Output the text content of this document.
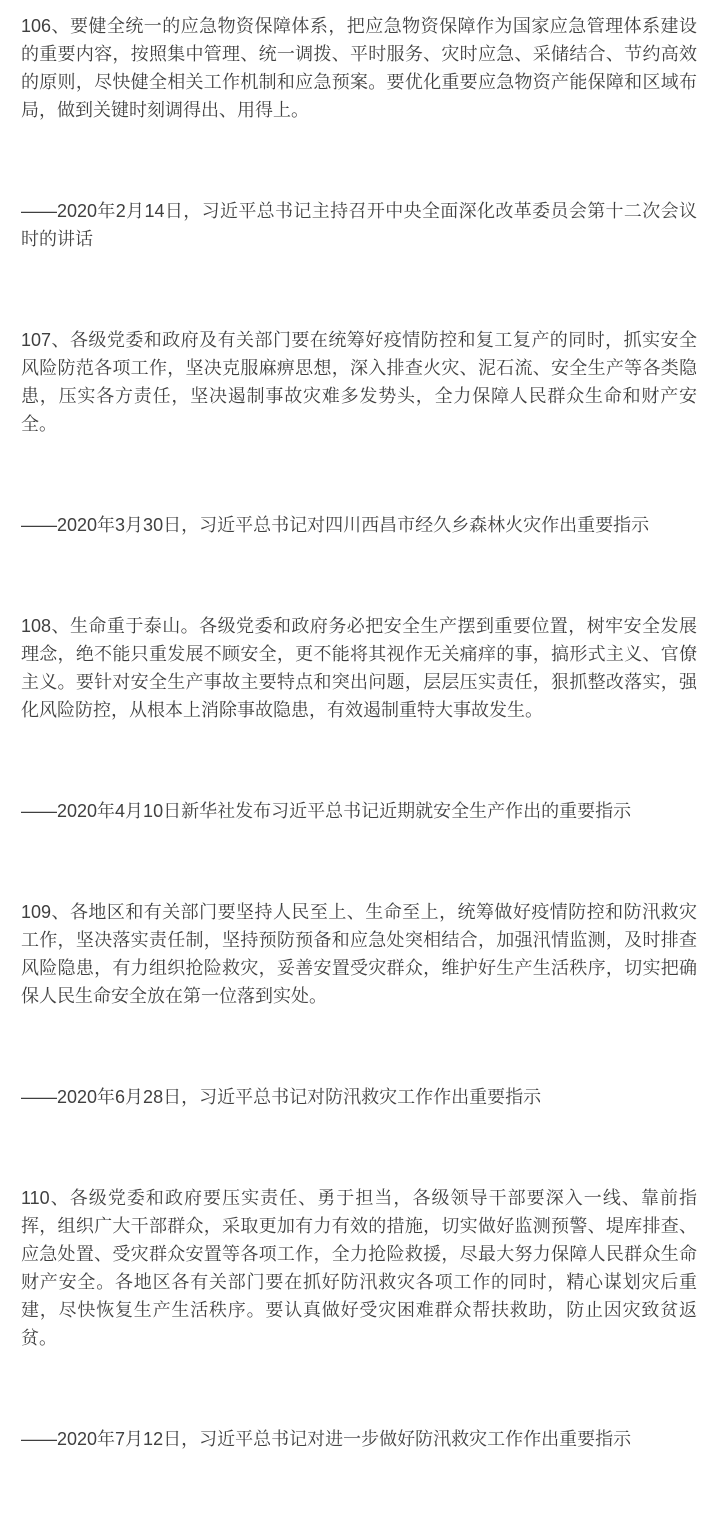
106、要健全统一的应急物资保障体系，把应急物资保障作为国家应急管理体系建设的重要内容，按照集中管理、统一调拨、平时服务、灾时应急、采储结合、节约高效的原则，尽快健全相关工作机制和应急预案。要优化重要应急物资产能保障和区域布局，做到关键时刻调得出、用得上。

——2020年2月14日，习近平总书记主持召开中央全面深化改革委员会第十二次会议时的讲话

107、各级党委和政府及有关部门要在统筹好疫情防控和复工复产的同时，抓实安全风险防范各项工作，坚决克服麻痹思想，深入排查火灾、泥石流、安全生产等各类隐患，压实各方责任，坚决遏制事故灾难多发势头，全力保障人民群众生命和财产安全。

——2020年3月30日，习近平总书记对四川西昌市经久乡森林火灾作出重要指示

108、生命重于泰山。各级党委和政府务必把安全生产摆到重要位置，树牢安全发展理念，绝不能只重发展不顾安全，更不能将其视作无关痛痒的事，搞形式主义、官僚主义。要针对安全生产事故主要特点和突出问题，层层压实责任，狠抓整改落实，强化风险防控，从根本上消除事故隐患，有效遏制重特大事故发生。

——2020年4月10日新华社发布习近平总书记近期就安全生产作出的重要指示

109、各地区和有关部门要坚持人民至上、生命至上，统筹做好疫情防控和防汛救灾工作，坚决落实责任制，坚持预防预备和应急处突相结合，加强汛情监测，及时排查风险隐患，有力组织抢险救灾，妥善安置受灾群众，维护好生产生活秩序，切实把确保人民生命安全放在第一位落到实处。

——2020年6月28日，习近平总书记对防汛救灾工作作出重要指示

110、各级党委和政府要压实责任、勇于担当，各级领导干部要深入一线、靠前指挥，组织广大干部群众，采取更加有力有效的措施，切实做好监测预警、堤库排查、应急处置、受灾群众安置等各项工作，全力抢险救援，尽最大努力保障人民群众生命财产安全。各地区各有关部门要在抓好防汛救灾各项工作的同时，精心谋划灾后重建，尽快恢复生产生活秩序。要认真做好受灾困难群众帮扶救助，防止因灾致贫返贫。

——2020年7月12日，习近平总书记对进一步做好防汛救灾工作作出重要指示
